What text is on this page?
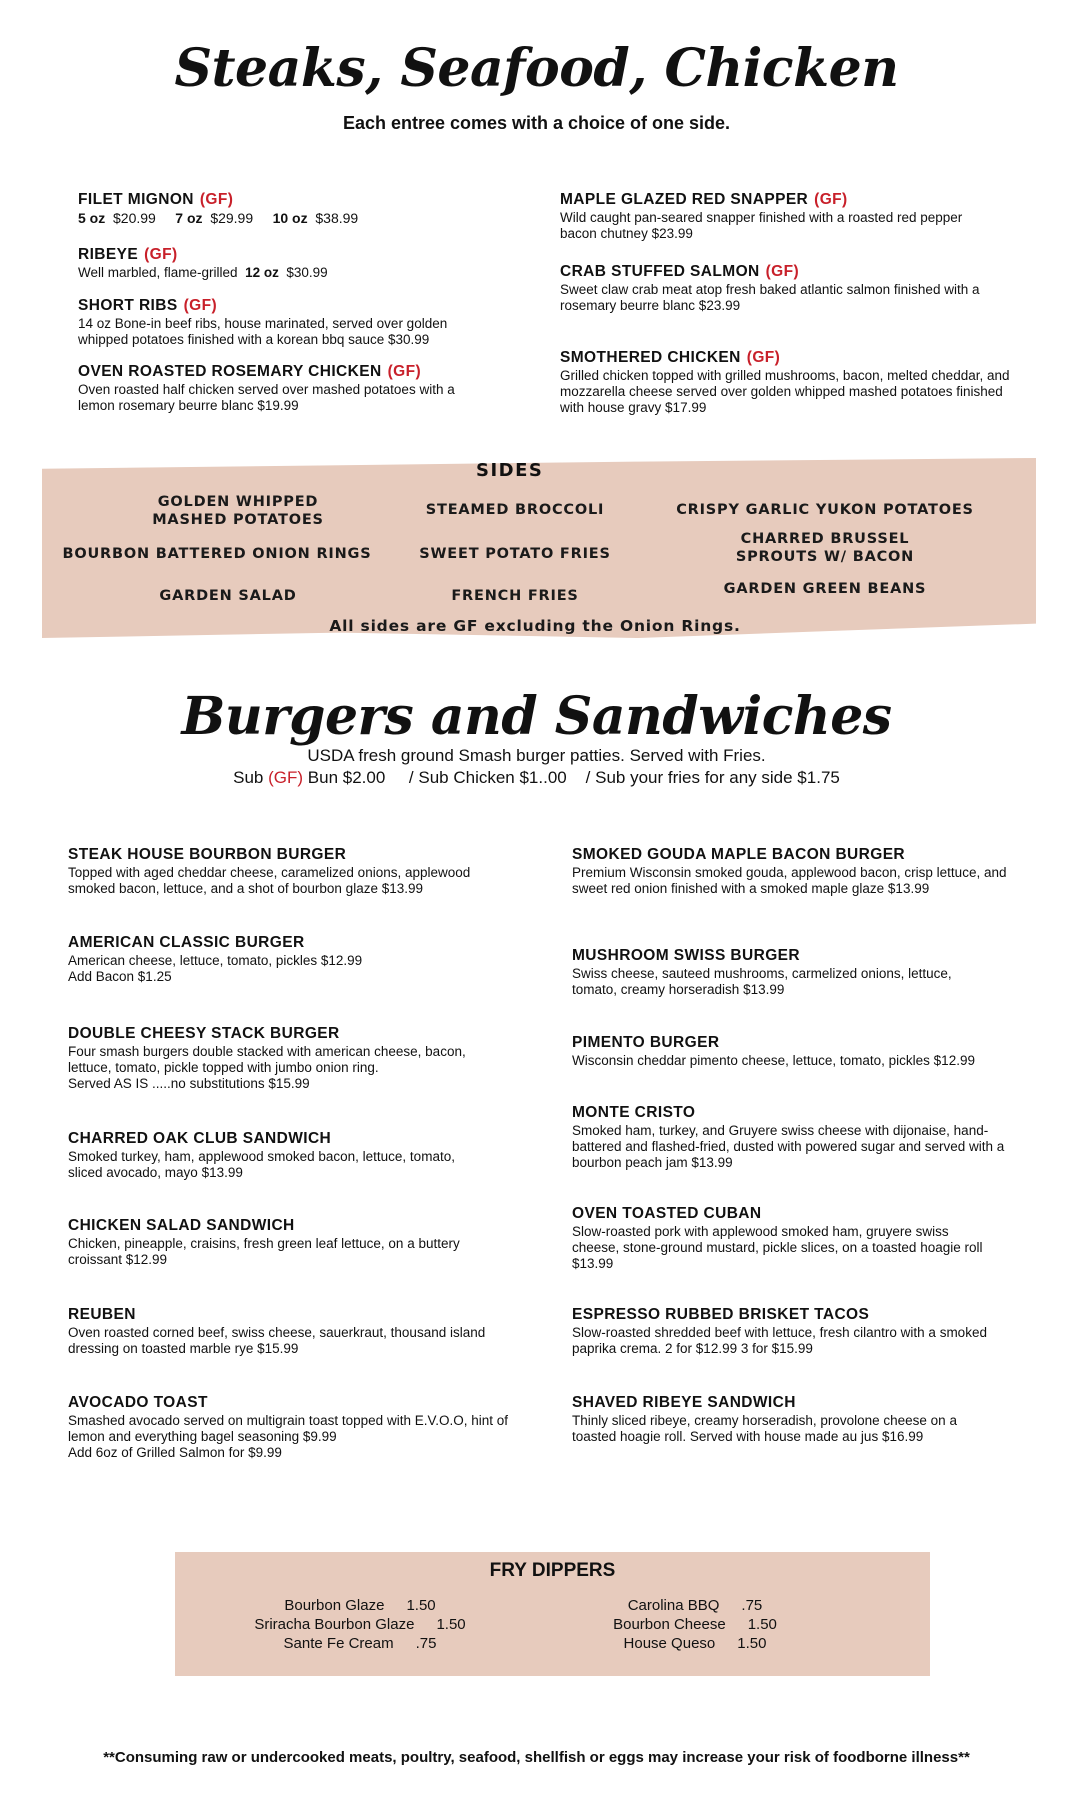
Steaks, Seafood, Chicken
Each entree comes with a choice of one side.
FILET MIGNON (GF)
5 oz $20.99 7 oz $29.99 10 oz $38.99
RIBEYE (GF)
Well marbled, flame-grilled 12 oz $30.99
SHORT RIBS (GF)
14 oz Bone-in beef ribs, house marinated, served over golden whipped potatoes finished with a korean bbq sauce $30.99
OVEN ROASTED ROSEMARY CHICKEN (GF)
Oven roasted half chicken served over mashed potatoes with a lemon rosemary beurre blanc $19.99
MAPLE GLAZED RED SNAPPER (GF)
Wild caught pan-seared snapper finished with a roasted red pepper bacon chutney $23.99
CRAB STUFFED SALMON (GF)
Sweet claw crab meat atop fresh baked atlantic salmon finished with a rosemary beurre blanc $23.99
SMOTHERED CHICKEN (GF)
Grilled chicken topped with grilled mushrooms, bacon, melted cheddar, and mozzarella cheese served over golden whipped mashed potatoes finished with house gravy $17.99
SIDES
GOLDEN WHIPPED MASHED POTATOES
STEAMED BROCCOLI	CRISPY GARLIC YUKON POTATOES
BOURBON BATTERED ONION RINGS	SWEET POTATO FRIES
CHARRED BRUSSEL SPROUTS W/ BACON
GARDEN SALAD	FRENCH FRIES	GARDEN GREEN BEANS
All sides are GF excluding the Onion Rings.
Burgers and Sandwiches
USDA fresh ground Smash burger patties. Served with Fries.
Sub (GF) Bun $2.00 / Sub Chicken $1..00 / Sub your fries for any side $1.75
STEAK HOUSE BOURBON BURGER
Topped with aged cheddar cheese, caramelized onions, applewood smoked bacon, lettuce, and a shot of bourbon glaze $13.99
AMERICAN CLASSIC BURGER
American cheese, lettuce, tomato, pickles $12.99
Add Bacon $1.25
DOUBLE CHEESY STACK BURGER
Four smash burgers double stacked with american cheese, bacon, lettuce, tomato, pickle topped with jumbo onion ring.
Served AS IS .....no substitutions $15.99
CHARRED OAK CLUB SANDWICH
Smoked turkey, ham, applewood smoked bacon, lettuce, tomato, sliced avocado, mayo $13.99
CHICKEN SALAD SANDWICH
Chicken, pineapple, craisins, fresh green leaf lettuce, on a buttery croissant $12.99
REUBEN
Oven roasted corned beef, swiss cheese, sauerkraut, thousand island dressing on toasted marble rye $15.99
AVOCADO TOAST
Smashed avocado served on multigrain toast topped with E.V.O.O, hint of lemon and everything bagel seasoning $9.99
Add 6oz of Grilled Salmon for $9.99
SMOKED GOUDA MAPLE BACON BURGER
Premium Wisconsin smoked gouda, applewood bacon, crisp lettuce, and sweet red onion finished with a smoked maple glaze $13.99
MUSHROOM SWISS BURGER
Swiss cheese, sauteed mushrooms, carmelized onions, lettuce, tomato, creamy horseradish $13.99
PIMENTO BURGER
Wisconsin cheddar pimento cheese, lettuce, tomato, pickles $12.99
MONTE CRISTO
Smoked ham, turkey, and Gruyere swiss cheese with dijonaise, hand-battered and flashed-fried, dusted with powered sugar and served with a bourbon peach jam $13.99
OVEN TOASTED CUBAN
Slow-roasted pork with applewood smoked ham, gruyere swiss cheese, stone-ground mustard, pickle slices, on a toasted hoagie roll $13.99
ESPRESSO RUBBED BRISKET TACOS
Slow-roasted shredded beef with lettuce, fresh cilantro with a smoked paprika crema. 2 for $12.99 3 for $15.99
SHAVED RIBEYE SANDWICH
Thinly sliced ribeye, creamy horseradish, provolone cheese on a toasted hoagie roll. Served with house made au jus $16.99
FRY DIPPERS
Bourbon Glaze 1.50
Sriracha Bourbon Glaze 1.50
Sante Fe Cream .75
Carolina BBQ .75
Bourbon Cheese 1.50
House Queso 1.50
**Consuming raw or undercooked meats, poultry, seafood, shellfish or eggs may increase your risk of foodborne illness**
